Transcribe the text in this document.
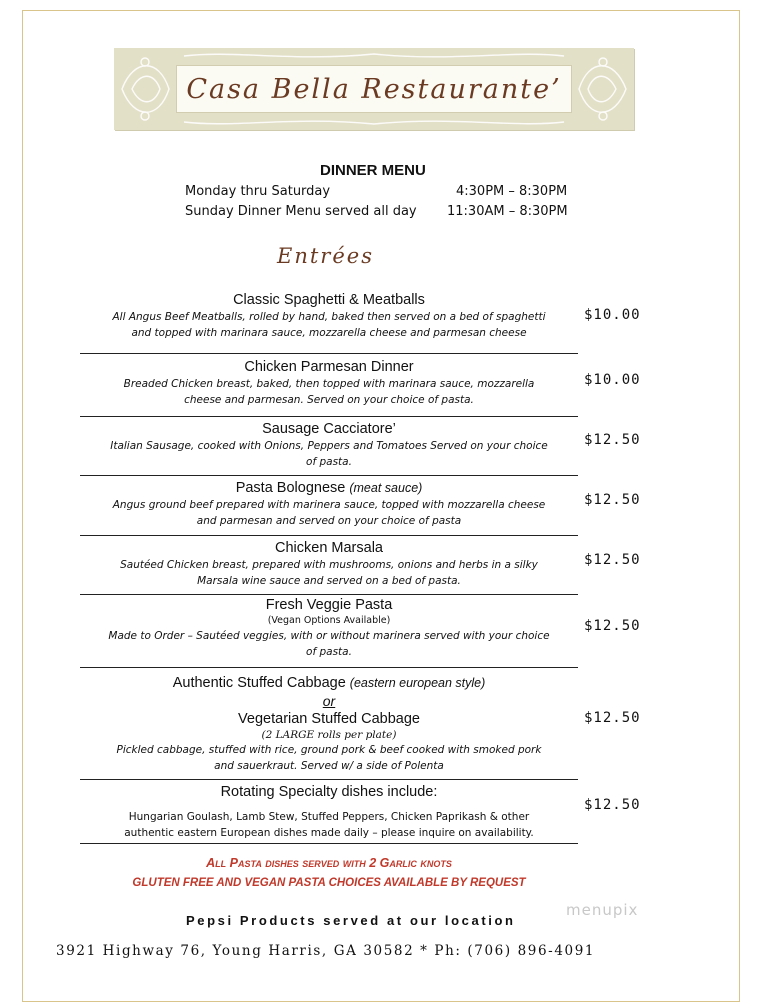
Casa Bella Restaurante’
DINNER MENU
Monday thru Saturday	4:30PM – 8:30PM
Sunday Dinner Menu served all day 11:30AM – 8:30PM
Entrées
Classic Spaghetti & Meatballs
All Angus Beef Meatballs, rolled by hand, baked then served on a bed of spaghetti
and topped with marinara sauce, mozzarella cheese and parmesan cheese
$10.00
Chicken Parmesan Dinner
Breaded Chicken breast, baked, then topped with marinara sauce, mozzarella
cheese and parmesan. Served on your choice of pasta.
$10.00
Sausage Cacciatore’
Italian Sausage, cooked with Onions, Peppers and Tomatoes Served on your choice
of pasta.
$12.50
Pasta Bolognese (meat sauce)
Angus ground beef prepared with marinera sauce, topped with mozzarella cheese
and parmesan and served on your choice of pasta
$12.50
Chicken Marsala
Sautéed Chicken breast, prepared with mushrooms, onions and herbs in a silky
Marsala wine sauce and served on a bed of pasta.
$12.50
Fresh Veggie Pasta
(Vegan Options Available)
Made to Order – Sautéed veggies, with or without marinera served with your choice
of pasta.
$12.50
Authentic Stuffed Cabbage (eastern european style)
or
Vegetarian Stuffed Cabbage
(2 LARGE rolls per plate)
Pickled cabbage, stuffed with rice, ground pork & beef cooked with smoked pork
and sauerkraut. Served w/ a side of Polenta
$12.50
Rotating Specialty dishes include:
Hungarian Goulash, Lamb Stew, Stuffed Peppers, Chicken Paprikash & other
authentic eastern European dishes made daily – please inquire on availability.
$12.50
All Pasta dishes served with 2 Garlic knots
GLUTEN FREE AND VEGAN PASTA CHOICES AVAILABLE BY REQUEST
Pepsi Products served at our location
menupix
3921 Highway 76, Young Harris, GA 30582 * Ph: (706) 896-4091
